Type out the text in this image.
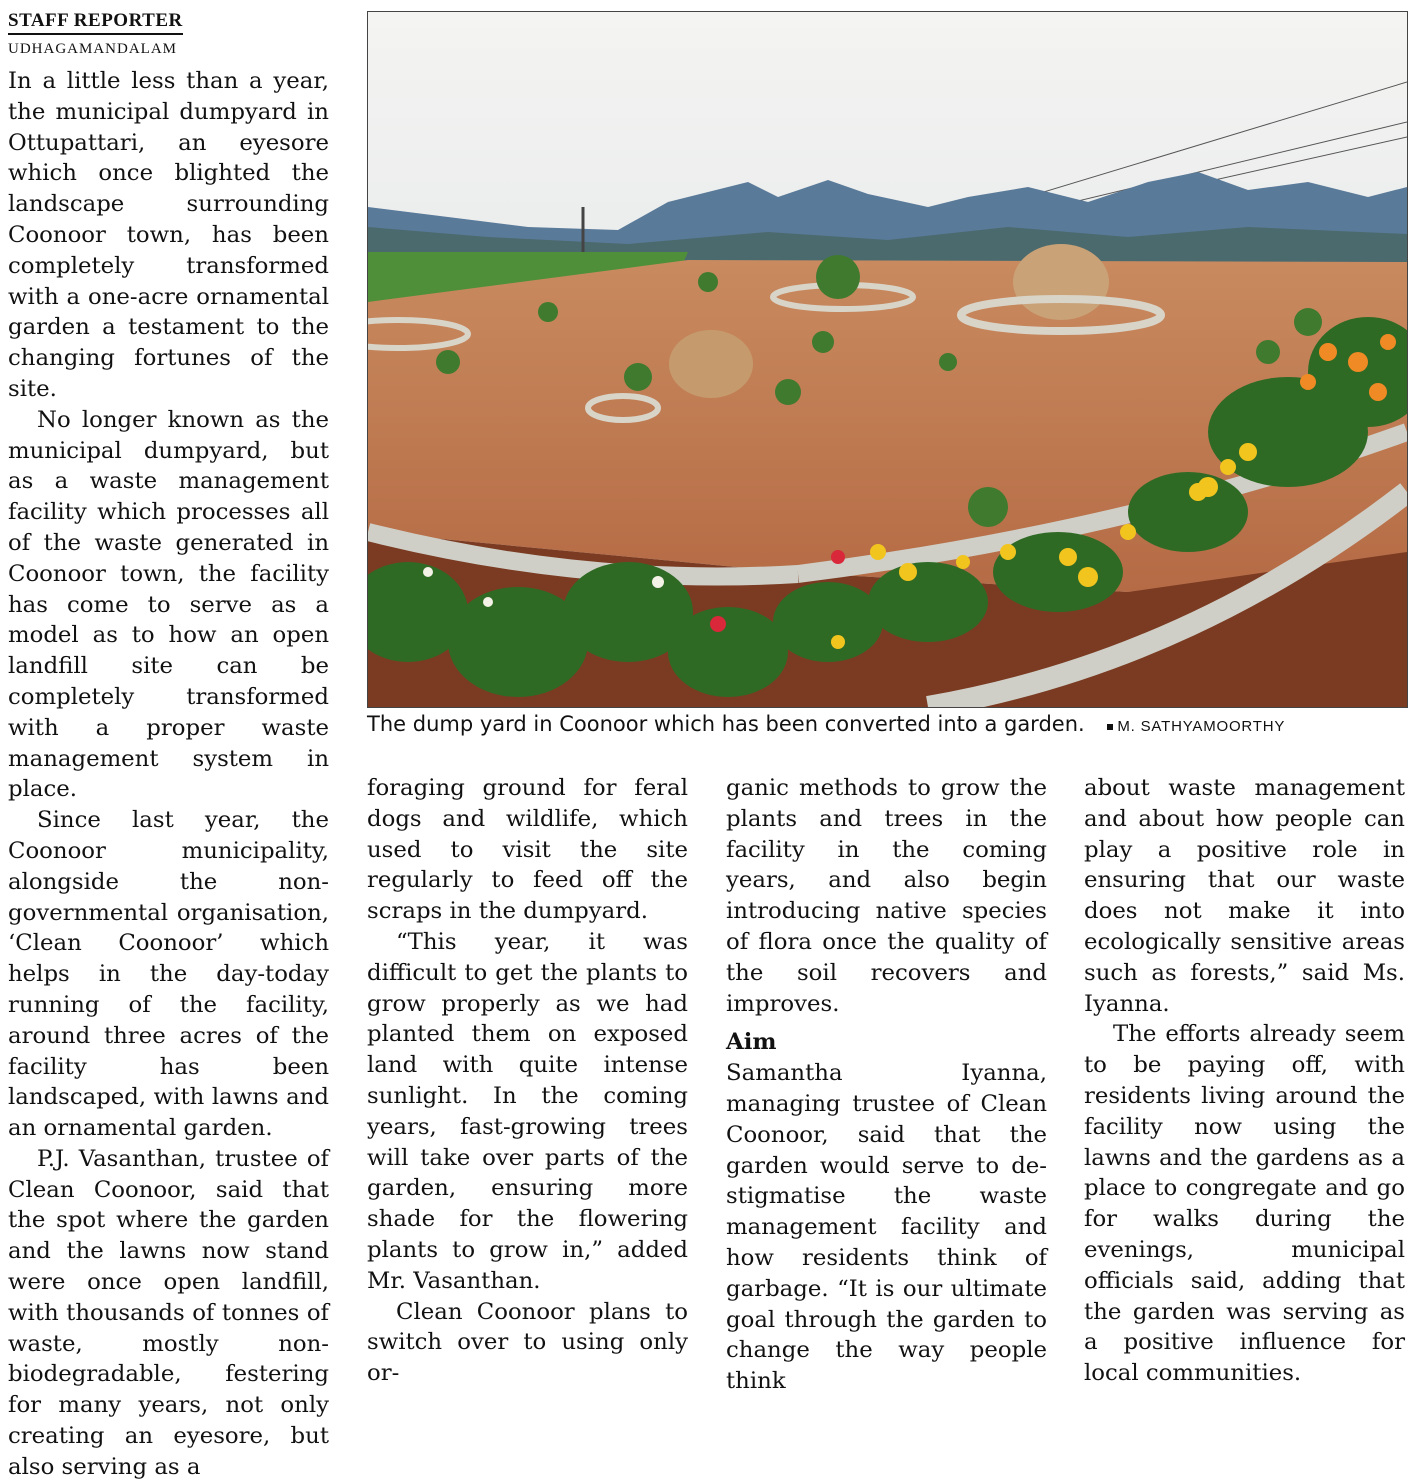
STAFF REPORTER
UDHAGAMANDALAM

In a little less than a year, the municipal dumpyard in Ottupattari, an eyesore which once blighted the landscape surrounding Coonoor town, has been completely transformed with a one-acre ornamental garden a testament to the changing fortunes of the site.

No longer known as the municipal dumpyard, but as a waste management facility which processes all of the waste generated in Coonoor town, the facility has come to serve as a model as to how an open landfill site can be completely transformed with a proper waste management system in place.

Since last year, the Coonoor municipality, alongside the non-governmental organisation, ‘Clean Coonoor’ which helps in the day-today running of the facility, around three acres of the facility has been landscaped, with lawns and an ornamental garden.

P.J. Vasanthan, trustee of Clean Coonoor, said that the spot where the garden and the lawns now stand were once open landfill, with thousands of tonnes of waste, mostly non-biodegradable, festering for many years, not only creating an eyesore, but also serving as a

The dump yard in Coonoor which has been converted into a garden. M. SATHYAMOORTHY

foraging ground for feral dogs and wildlife, which used to visit the site regularly to feed off the scraps in the dumpyard.

“This year, it was difficult to get the plants to grow properly as we had planted them on exposed land with quite intense sunlight. In the coming years, fast-growing trees will take over parts of the garden, ensuring more shade for the flowering plants to grow in,” added Mr. Vasanthan.

Clean Coonoor plans to switch over to using only or-

ganic methods to grow the plants and trees in the facility in the coming years, and also begin introducing native species of flora once the quality of the soil recovers and improves.

Aim

Samantha Iyanna, managing trustee of Clean Coonoor, said that the garden would serve to de-stigmatise the waste management facility and how residents think of garbage. “It is our ultimate goal through the garden to change the way people think

about waste management and about how people can play a positive role in ensuring that our waste does not make it into ecologically sensitive areas such as forests,” said Ms. Iyanna.

The efforts already seem to be paying off, with residents living around the facility now using the lawns and the gardens as a place to congregate and go for walks during the evenings, municipal officials said, adding that the garden was serving as a positive influence for local communities.
